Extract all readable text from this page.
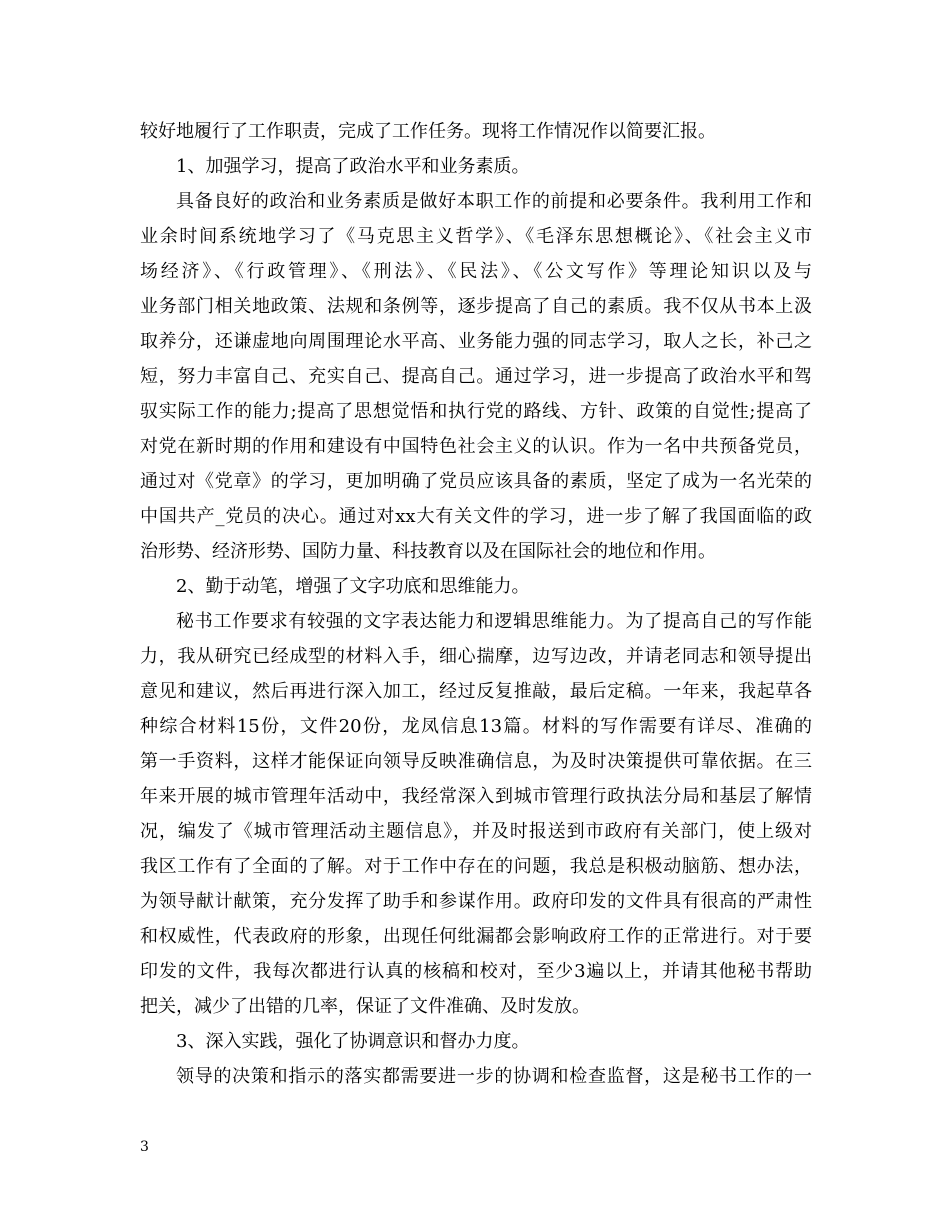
较好地履行了工作职责，完成了工作任务。现将工作情况作以简要汇报。
1、加强学习，提高了政治水平和业务素质。
具备良好的政治和业务素质是做好本职工作的前提和必要条件。我利用工作和
业余时间系统地学习了《马克思主义哲学》、《毛泽东思想概论》、《社会主义市
场经济》、《行政管理》、《刑法》、《民法》、《公文写作》等理论知识以及与
业务部门相关地政策、法规和条例等，逐步提高了自己的素质。我不仅从书本上汲
取养分，还谦虚地向周围理论水平高、业务能力强的同志学习，取人之长，补己之
短，努力丰富自己、充实自己、提高自己。通过学习，进一步提高了政治水平和驾
驭实际工作的能力;提高了思想觉悟和执行党的路线、方针、政策的自觉性;提高了
对党在新时期的作用和建设有中国特色社会主义的认识。作为一名中共预备党员，
通过对《党章》的学习，更加明确了党员应该具备的素质，坚定了成为一名光荣的
中国共产_党员的决心。通过对xx大有关文件的学习，进一步了解了我国面临的政
治形势、经济形势、国防力量、科技教育以及在国际社会的地位和作用。
2、勤于动笔，增强了文字功底和思维能力。
秘书工作要求有较强的文字表达能力和逻辑思维能力。为了提高自己的写作能
力，我从研究已经成型的材料入手，细心揣摩，边写边改，并请老同志和领导提出
意见和建议，然后再进行深入加工，经过反复推敲，最后定稿。一年来，我起草各
种综合材料15份，文件20份，龙凤信息13篇。材料的写作需要有详尽、准确的
第一手资料，这样才能保证向领导反映准确信息，为及时决策提供可靠依据。在三
年来开展的城市管理年活动中，我经常深入到城市管理行政执法分局和基层了解情
况，编发了《城市管理活动主题信息》，并及时报送到市政府有关部门，使上级对
我区工作有了全面的了解。对于工作中存在的问题，我总是积极动脑筋、想办法，
为领导献计献策，充分发挥了助手和参谋作用。政府印发的文件具有很高的严肃性
和权威性，代表政府的形象，出现任何纰漏都会影响政府工作的正常进行。对于要
印发的文件，我每次都进行认真的核稿和校对，至少3遍以上，并请其他秘书帮助
把关，减少了出错的几率，保证了文件准确、及时发放。
3、深入实践，强化了协调意识和督办力度。
领导的决策和指示的落实都需要进一步的协调和检查监督，这是秘书工作的一
3
